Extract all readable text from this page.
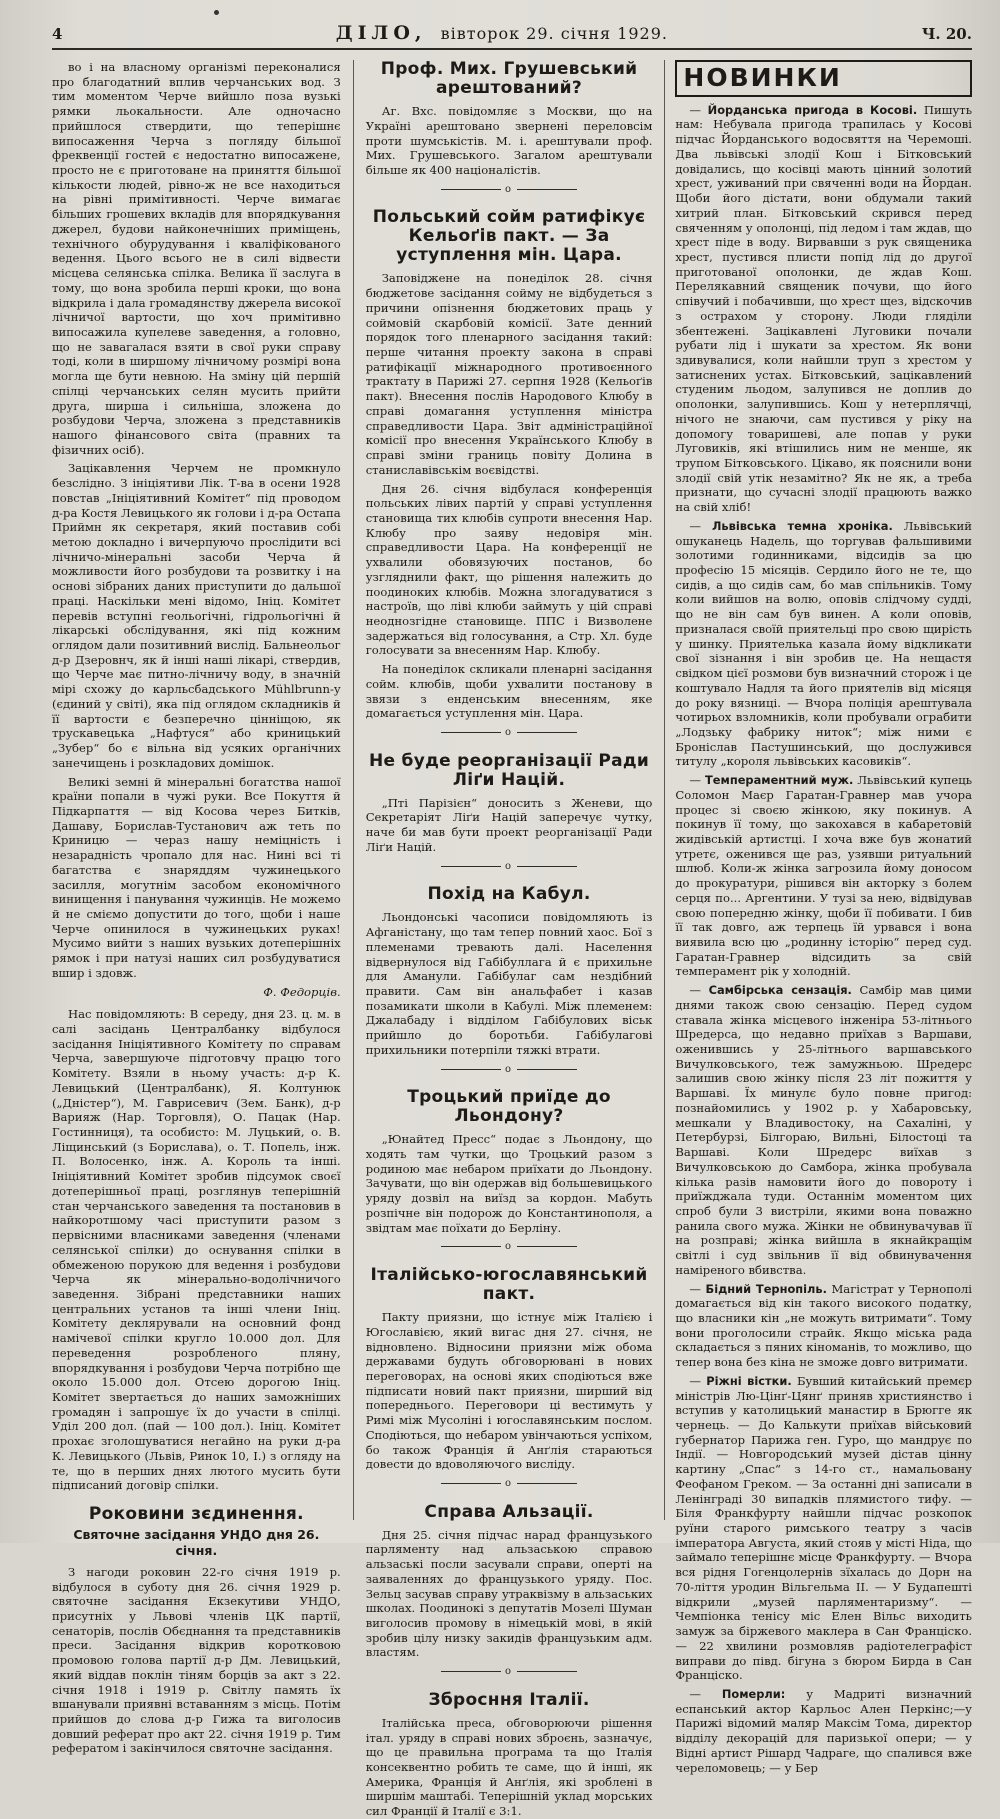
4	ДІЛО, вівторок 29. січня 1929.	Ч. 20.

во і на власному організмі переконалися про благодатний вплив черчанських вод. З тим моментом Черче вийшло поза вузькі рямки льокальности. Але одночасно прийшлося ствердити, що теперішнє випосаження Черча з погляду більшої фреквенції гостей є недостатно випосажене, просто не є приготоване на приняття більшої кількости людей, рівно-ж не все находиться на рівні примітивності. Черче вимагає більших грошевих вкладів для впорядкування джерел, будови найконечніших приміщень, технічного обурудування і кваліфікованого ведення. Цього всього не в силі відвести місцева селянська спілка. Велика її заслуга в тому, що вона зробила перші кроки, що вона відкрила і дала громадянству джерела високої лічничої вартости, що хоч примітивно випосажила купелеве заведення, а головно, що не завагалася взяти в свої руки справу тоді, коли в ширшому лічничому розмірі вона могла ще бути невною. На зміну цій першій спілці черчанських селян мусить прийти друга, ширша і сильніша, зложена до розбудови Черча, зложена з представників нашого фінансового світа (правних та фізичних осіб).

Зацікавлення Черчем не промкнуло безслідно. З ініціятиви Лік. Т-ва в осени 1928 повстав „Ініціятивний Комітет“ під проводом д-ра Костя Левицького як голови і д-ра Остапа Приймн як секретаря, який поставив собі метою докладно і вичерпуючо прослідити всі лічничо-мінеральні засоби Черча й можливости його розбудови та розвитку і на основі зібраних даних приступити до дальшої праці. Наскільки мені відомо, Ініц. Комітет перевів вступні геольогічні, гідрольогічні й лікарські обслідування, які під кожним оглядом дали позитивний вислід. Бальнеольог д-р Дзеровнч, як й інші наші лікарі, ствердив, що Черче має питно-лічничу воду, в значній мірі схожу до карльсбадського Mühlbrunn-у (єдиний у світі), яка під оглядом складників й її вартости є безперечно цінніщою, як трускавецька „Нафтуся“ або криницький „Зубер“ бо є вільна від усяких органічних занечищень і розкладових домішок.

Великі земні й мінеральні богатства нашої країни попали в чужі руки. Все Покуття й Підкарпаття — від Косова через Битків, Дашаву, Борислав-Тустанович аж теть по Криницю — чераз нашу неміцність і незарадність чропало для нас. Нині всі ті багатства є знаряддям чужинецького засилля, могутнім засобом економічного винищення і панування чужинців. Не можемо й не сміємо допустити до того, щоби і наше Черче опинилося в чужинецьких руках! Мусимо вийти з наших вузьких дотеперішніх рямок і при натузі наших сил розбудуватися вшир і здовж.

Ф. Федорців.

Нас повідомляють: В середу, дня 23. ц. м. в салі засідань Централбанку відбулося засідання Ініціятивного Комітету по справам Черча, завершуюче підготовчу працю того Комітету. Взяли в ньому участь: д-р К. Левицький (Централбанк), Я. Колтунюк („Дністер“), М. Гаврисевич (Зем. Банк), д-р Варияж (Нар. Торговля), О. Пацак (Нар. Гостинниця), та особисто: М. Луцький, о. В. Ліщинський (з Борислава), о. Т. Попель, інж. П. Волосенко, інж. А. Король та інші. Ініціятивний Комітет зробив підсумок своєї дотеперішньої праці, розглянув теперішній стан черчанського заведення та постановив в найкоротшому часі приступити разом з первісними власниками заведення (членами селянської спілки) до оснування спілки в обмеженою порукою для ведення і розбудови Черча як мінерально-водолічничого заведення. Зібрані представники наших центральних установ та інші члени Ініц. Комітету деклярували на основний фонд намічевої спілки круглo 10.000 дол. Для переведення розробленого пляну, впорядкування і розбудови Черча потрібно ще около 15.000 дол. Отсею дорогою Ініц. Комітет звертається до наших заможніших громадян і запрошує їх до участи в спілці. Уділ 200 дол. (пай — 100 дол.). Ініц. Комітет прохає зголошуватися негайно на руки д-ра К. Левицького (Львів, Ринок 10, I.) з огляду на те, що в перших днях лютого мусить бути підписаний договір спілки.

Роковини зєдинення.
Святочне засідання УНДО дня 26. січня.

З нагоди роковин 22-го січня 1919 р. відбулося в суботу дня 26. січня 1929 р. святочне засідання Екзекутиви УНДО, присутніх у Львові членів ЦК партії, сенаторів, послів Обєднання та представників преси. Засідання відкрив коротковою промовою голова партії д-р Дм. Левицький, який віддав поклін тіням борців за акт з 22. січня 1918 і 1919 р. Світлу память їх вшанували приявні вставанням з місць. Потім прийшов до слова д-р Гижа та виголосив довший реферат про акт 22. січня 1919 р. Тим рефератом і закінчилося святочне засідання.

Проф. Мих. Грушевський арештований?

Аг. Вхс. повідомляє з Москви, що на Україні арештовано звернені переловсім проти шумськістів. М. і. арештували проф. Мих. Грушевського. Загалом арештували більше як 400 націоналістів.

o
Польський сойм ратифікує Кельоґів пакт. — За уступлення мін. Цара.

Заповіджене на понеділок 28. січня бюджетове засідання сойму не відбудеться з причини опізнення бюджетових праць у соймовій скарбовій комісії. Зате денний порядок того пленарного засідання такий: перше читання проекту закона в справі ратифікації міжнародного противоєнного трактату в Парижі 27. серпня 1928 (Кельоґів пакт). Внесення послів Народового Клюбу в справі домагання уступлення міністра справедливости Цара. Звіт адміністраційної комісії про внесення Українського Клюбу в справі зміни границь повіту Долина в станиславівськім воєвідстві.

Дня 26. січня відбулася конференція польських лівих партій у справі уступлення становища тих клюбів супроти внесення Нар. Клюбу про заяву недовіря мін. справедливости Цара. На конференції не ухвалили обовязуючих постанов, бо узгляднили факт, що рішення належить до поодиноких клюбів. Можна злогадуватися з настроїв, що ліві клюби займуть у цій справі неоднозгідне становище. ППС і Визволене задержаться від голосування, а Стр. Хл. буде голосувати за внесенням Нар. Клюбу.

На понеділок скликали пленарні засідання сойм. клюбів, щоби ухвалити постанову в звязи з енденським внесенням, яке домагається уступлення мін. Цара.

o
Не буде реорганізації Ради Ліґи Націй.

„Пті Парізієн“ доносить з Женеви, що Секретаріят Ліґи Націй заперечує чутку, наче би мав бути проект реорганізації Ради Ліґи Націй.

o
Похід на Кабул.

Льондонські часописи повідомляють із Афганістану, що там тепер повний хаос. Бої з племенами тревають далі. Населення відвернулося від Габібуллага й є прихильне для Аманули. Габібулаг сам нездібний правити. Сам він анальфабет і казав позамикати школи в Кабулі. Між племенем: Джалабаду і відділом Габібулових віськ прийшло до боротьби. Габібулагові прихильники потерпіли тяжкі втрати.

o
Троцький приїде до Льондону?

„Юнайтед Пресс“ подає з Льондону, що ходять там чутки, що Троцький разом з родиною має небаром приїхати до Льондону. Зачувати, що він одержав від большевицького уряду дозвіл на виїзд за кордон. Мабуть розпічне він подорож до Константинополя, а звідтам має поїхати до Берліну.

o
Італійсько-югославянський пакт.

Пакту приязни, що істнує між Італією і Югославією, який вигас дня 27. січня, не відновлено. Відносини приязни між обома державами будуть обговорювані в нових переговорах, на основі яких сподіються вже підписати новий пакт приязни, ширший від попереднього. Переговори ці вестимуть у Римі між Мусоліні і югославянським послом. Сподіються, що небаром увінчаються успіхом, бо також Франція й Анґлія стараються довести до вдоволяючого висліду.

o
Справа Альзації.

Дня 25. січня підчас нарад французького парляменту над альзаською справою альзаські посли засували справи, оперті на заяваленнях до французького уряду. Пос. Зельц засував справу утраквізму в альзаських школах. Поодинокі з депутатів Мозелі Шуман виголосив промову в німецькій мові, в якій зробив цілу низку закидів французьким адм. властям.

o
Збросння Італії.

Італійська преса, обговорюючи рішення італ. уряду в справі нових зброєнь, зазначує, що це правильна програма та що Італія консеквентно робить те саме, що й інші, як Америка, Франція й Анґлія, які зроблені в ширшім маштабі. Теперішній уклад морських сил Франції й Італії є 3:1.

НОВИНКИ
— Йорданська пригода в Косові. Пишуть нам: Небувала пригода трапилась у Косові підчас Йорданського водосвяття на Черемоші. Два львівські злодії Кош і Бітковський довідались, що косівці мають цінний золотий хрест, уживаний при свяченні води на Йордан. Щоби його дістати, вони обдумали такий хитрий план. Бітковський скрився перед свяченням у ополонці, під ледом і там ждав, що хрест піде в воду. Вирвавши з рук священика хрест, пустився плисти попід лід до другої приготованої ополонки, де ждав Кош. Перелякавний священик почуви, що його співучий і побачивши, що хрест щез, відскочив з острахом у сторону. Люди гляділи збентежені. Зацікавлені Луговики почали рубати лід і шукати за хрестом. Як вони здивувалися, коли найшли труп з хрестом у затиснених устах. Бітковський, зацікавлений студеним льодом, залупився не доплив до ополонки, залупившись. Кош у нетерплячці, нічого не знаючи, сам пустився у ріку на допомогу товаришеві, але попав у руки Луговиків, які втішились ним не менше, як трупом Бітковського. Цікаво, як пояснили вони злодії свій утік незамітно? Як не як, а треба признати, що сучасні злодії працюють важко на свій хліб!
— Львівська темна хроніка. Львівський ошуканець Надель, що торгував фальшивими золотими годинниками, відсидів за цю професію 15 місяців. Сердило його не те, що сидів, а що сидів сам, бо мав спільників. Тому коли вийшов на волю, оповів слідчому судді, що не він сам був винен. А коли оповів, призналася своїй приятельці про свою щирість у шинку. Приятелька казала йому відкликати свої зізнання і він зробив це. На нещастя свідком цієї розмови був визначний сторож і це коштувало Надля та його приятелів від місяця до року вязниці. — Вчора поліція арештувала чотирьох взломників, коли пробували ограбити „Лодзьку фабрику ниток“; між ними є Броніслав Пастушинський, що дослужився титулу „короля львівських касовиків“.
— Темпераментний муж. Львівський купець Соломон Маєр Гаратан-Гравнер мав учора процес зі своєю жінкою, яку покинув. А покинув її тому, що закохався в кабаретовій жидівській артистці. І хоча вже був жонатий утретє, оженився ще раз, узявши ритуальний шлюб. Коли-ж жінка загрозила йому доносом до прокуратури, рішився він акторку з болем серця по... Аргентини. У тузі за нею, відвідував свою попередню жінку, щоби її побивати. І бив її так довго, аж терпець їй урвався і вона виявила всю цю „родинну історію“ перед суд. Гаратан-Гравнер відсидить за свій темперамент рік у холодній.
— Самбірська сензація. Самбір мав цими днями також свою сензацію. Перед судом ставала жінка місцевого інженіра 53-літнього Шредерса, що недавно приїхав з Варшави, оженившись у 25-літнього варшавського Вичулковського, теж замужньою. Шредерс залишив свою жінку після 23 літ пожиття у Варшаві. Їх минулє було повне пригод: познайомились у 1902 р. у Хабаровську, мешкали у Владивостоку, на Сахаліні, у Петербурзі, Білгораю, Вильні, Білостоці та Варшаві. Коли Шредерс виїхав з Вичулковською до Самбора, жінка пробувала кілька разів намовити його до повороту і приїжджала туди. Останнім моментом цих спроб були 3 вистріли, якими вона поважно ранила свого мужа. Жінки не обвинувачував її на розправі; жінка вийшла в якнайкращім світлі і суд звільнив її від обвинувачення наміреного вбивства.
— Бідний Тернопіль. Магістрат у Тернополі домагається від кін такого високого податку, що власники кін „не можуть витримати“. Тому вони проголосили страйк. Якщо міська рада складається з пяних кіноманів, то можливо, що тепер вона без кіна не зможе довго витримати.
— Ріжні вістки. Бувший китайський премєр міністрів Лю-Цінґ-Цянґ приняв християнство і вступив у католицький манастир в Брюгге як чернець. — До Калькути приїхав військовий губернатор Парижа ген. Гуро, що мандрує по Індії. — Новгородський музей дістав цінну картину „Спас“ з 14-го ст., намальовану Феофаном Греком. — За останні дні записали в Ленінграді 30 випадків плямистого тифу. — Біля Франкфурту найшли підчас розкопок руїни старого римського театру з часів імператора Августа, який стояв у місті Ніда, що займало теперішнє місце Франкфурту. — Вчора вся рідня Гогенцолернів зїхалась до Дорн на 70-ліття уродин Вільгельма II. — У Будапешті відкрили „музей парляментаризму“. — Чемпіонка тенісу міс Елен Вільс виходить замуж за біржевого маклера в Сан Франціско. — 22 хвилини розмовляв радіотелеграфіст виправи до півд. бігуна з бюром Бирда в Сан Франціско.
— Померли: у Мадриті визначний еспанський актор Карльос Ален Перкінс;—у Парижі відомий маляр Максім Тома, директор відділу декорацій для паризької опери; — у Відні артист Рішард Чадраге, що спалився вже череломовець; — у Бер
